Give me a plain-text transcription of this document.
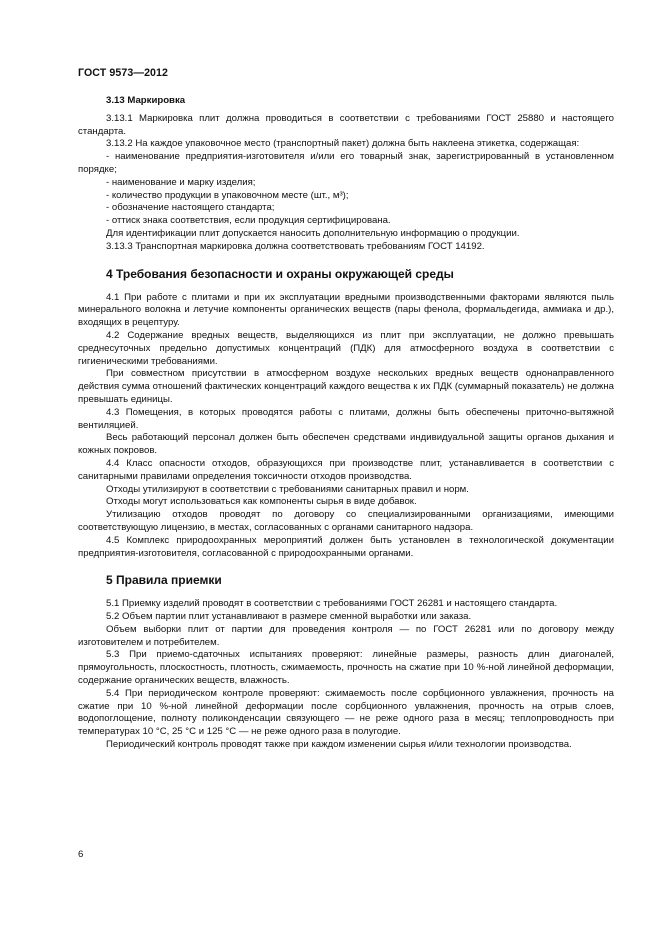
ГОСТ 9573—2012

3.13 Маркировка

3.13.1 Маркировка плит должна проводиться в соответствии с требованиями ГОСТ 25880 и настоящего стандарта.

3.13.2 На каждое упаковочное место (транспортный пакет) должна быть наклеена этикетка, содержащая:

- наименование предприятия-изготовителя и/или его товарный знак, зарегистрированный в установленном порядке;

- наименование и марку изделия;

- количество продукции в упаковочном месте (шт., м³);

- обозначение настоящего стандарта;

- оттиск знака соответствия, если продукция сертифицирована.

Для идентификации плит допускается наносить дополнительную информацию о продукции.

3.13.3 Транспортная маркировка должна соответствовать требованиям ГОСТ 14192.

4 Требования безопасности и охраны окружающей среды

4.1 При работе с плитами и при их эксплуатации вредными производственными факторами являются пыль минерального волокна и летучие компоненты органических веществ (пары фенола, формальдегида, аммиака и др.), входящих в рецептуру.

4.2 Содержание вредных веществ, выделяющихся из плит при эксплуатации, не должно превышать среднесуточных предельно допустимых концентраций (ПДК) для атмосферного воздуха в соответствии с гигиеническими требованиями.

При совместном присутствии в атмосферном воздухе нескольких вредных веществ однонаправленного действия сумма отношений фактических концентраций каждого вещества к их ПДК (суммарный показатель) не должна превышать единицы.

4.3 Помещения, в которых проводятся работы с плитами, должны быть обеспечены приточно-вытяжной вентиляцией.

Весь работающий персонал должен быть обеспечен средствами индивидуальной защиты органов дыхания и кожных покровов.

4.4 Класс опасности отходов, образующихся при производстве плит, устанавливается в соответствии с санитарными правилами определения токсичности отходов производства.

Отходы утилизируют в соответствии с требованиями санитарных правил и норм.

Отходы могут использоваться как компоненты сырья в виде добавок.

Утилизацию отходов проводят по договору со специализированными организациями, имеющими соответствующую лицензию, в местах, согласованных с органами санитарного надзора.

4.5 Комплекс природоохранных мероприятий должен быть установлен в технологической документации предприятия-изготовителя, согласованной с природоохранными органами.

5 Правила приемки

5.1 Приемку изделий проводят в соответствии с требованиями ГОСТ 26281 и настоящего стандарта.

5.2 Объем партии плит устанавливают в размере сменной выработки или заказа.

Объем выборки плит от партии для проведения контроля — по ГОСТ 26281 или по договору между изготовителем и потребителем.

5.3 При приемо-сдаточных испытаниях проверяют: линейные размеры, разность длин диагоналей, прямоугольность, плоскостность, плотность, сжимаемость, прочность на сжатие при 10 %-ной линейной деформации, содержание органических веществ, влажность.

5.4 При периодическом контроле проверяют: сжимаемость после сорбционного увлажнения, прочность на сжатие при 10 %-ной линейной деформации после сорбционного увлажнения, прочность на отрыв слоев, водопоглощение, полноту поликонденсации связующего — не реже одного раза в месяц; теплопроводность при температурах 10 °С, 25 °С и 125 °С — не реже одного раза в полугодие.

Периодический контроль проводят также при каждом изменении сырья и/или технологии производства.

6
